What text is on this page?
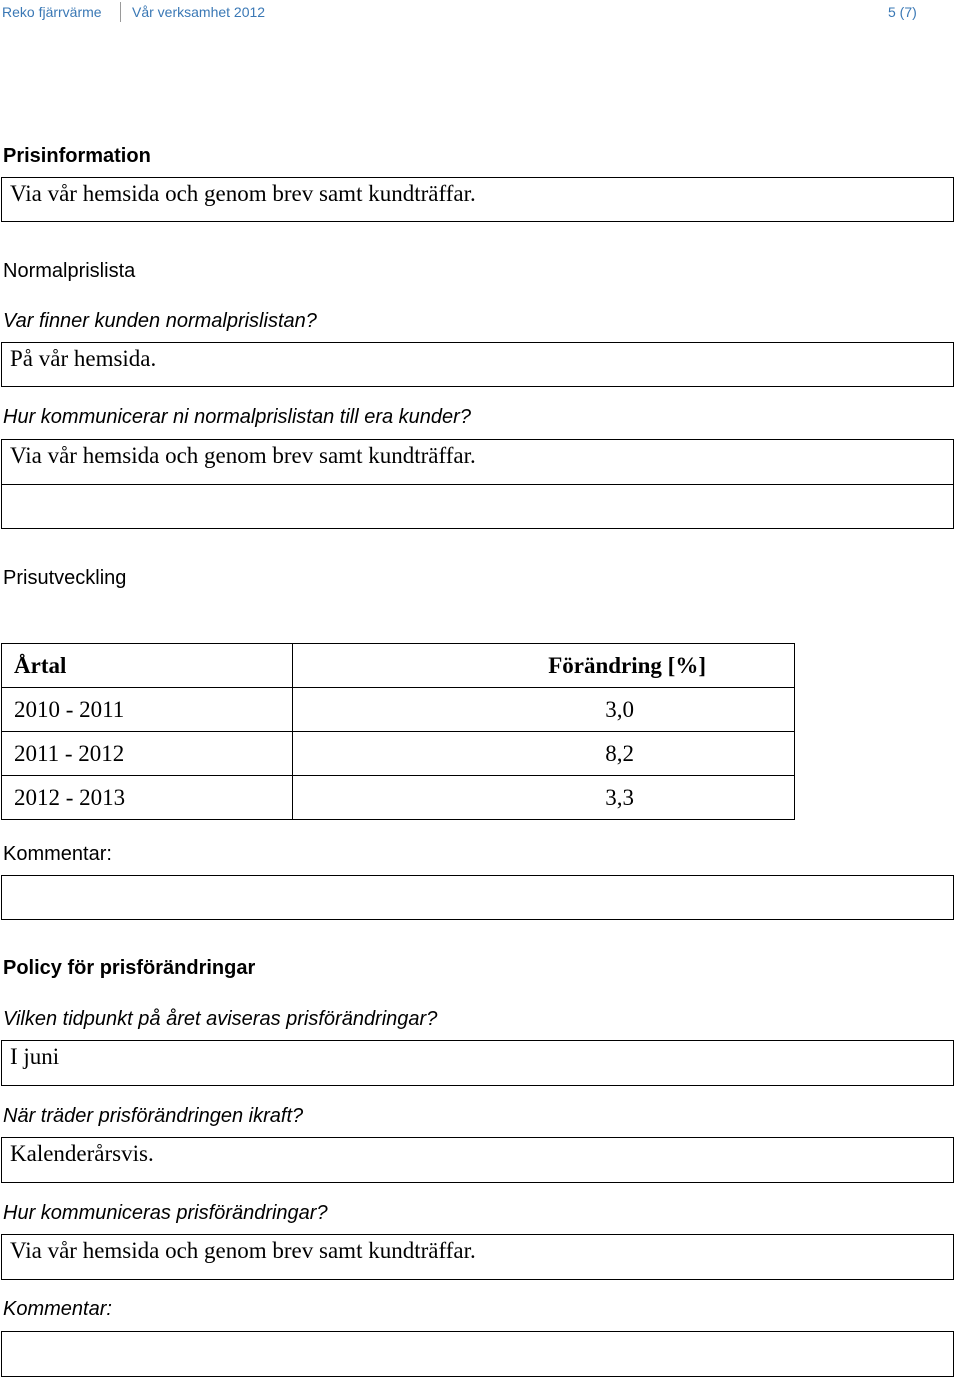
Reko fjärrvärme Vår verksamhet 2012	5 (7)
Prisinformation
Via vår hemsida och genom brev samt kundträffar.
Normalprislista
Var finner kunden normalprislistan?
På vår hemsida.
Hur kommunicerar ni normalprislistan till era kunder?
Via vår hemsida och genom brev samt kundträffar.
Prisutveckling
Årtal	Förändring [%]
2010 - 2011	3,0
2011 - 2012	8,2
2012 - 2013	3,3
Kommentar:
Policy för prisförändringar
Vilken tidpunkt på året aviseras prisförändringar?
I juni
När träder prisförändringen ikraft?
Kalenderårsvis.
Hur kommuniceras prisförändringar?
Via vår hemsida och genom brev samt kundträffar.
Kommentar:
